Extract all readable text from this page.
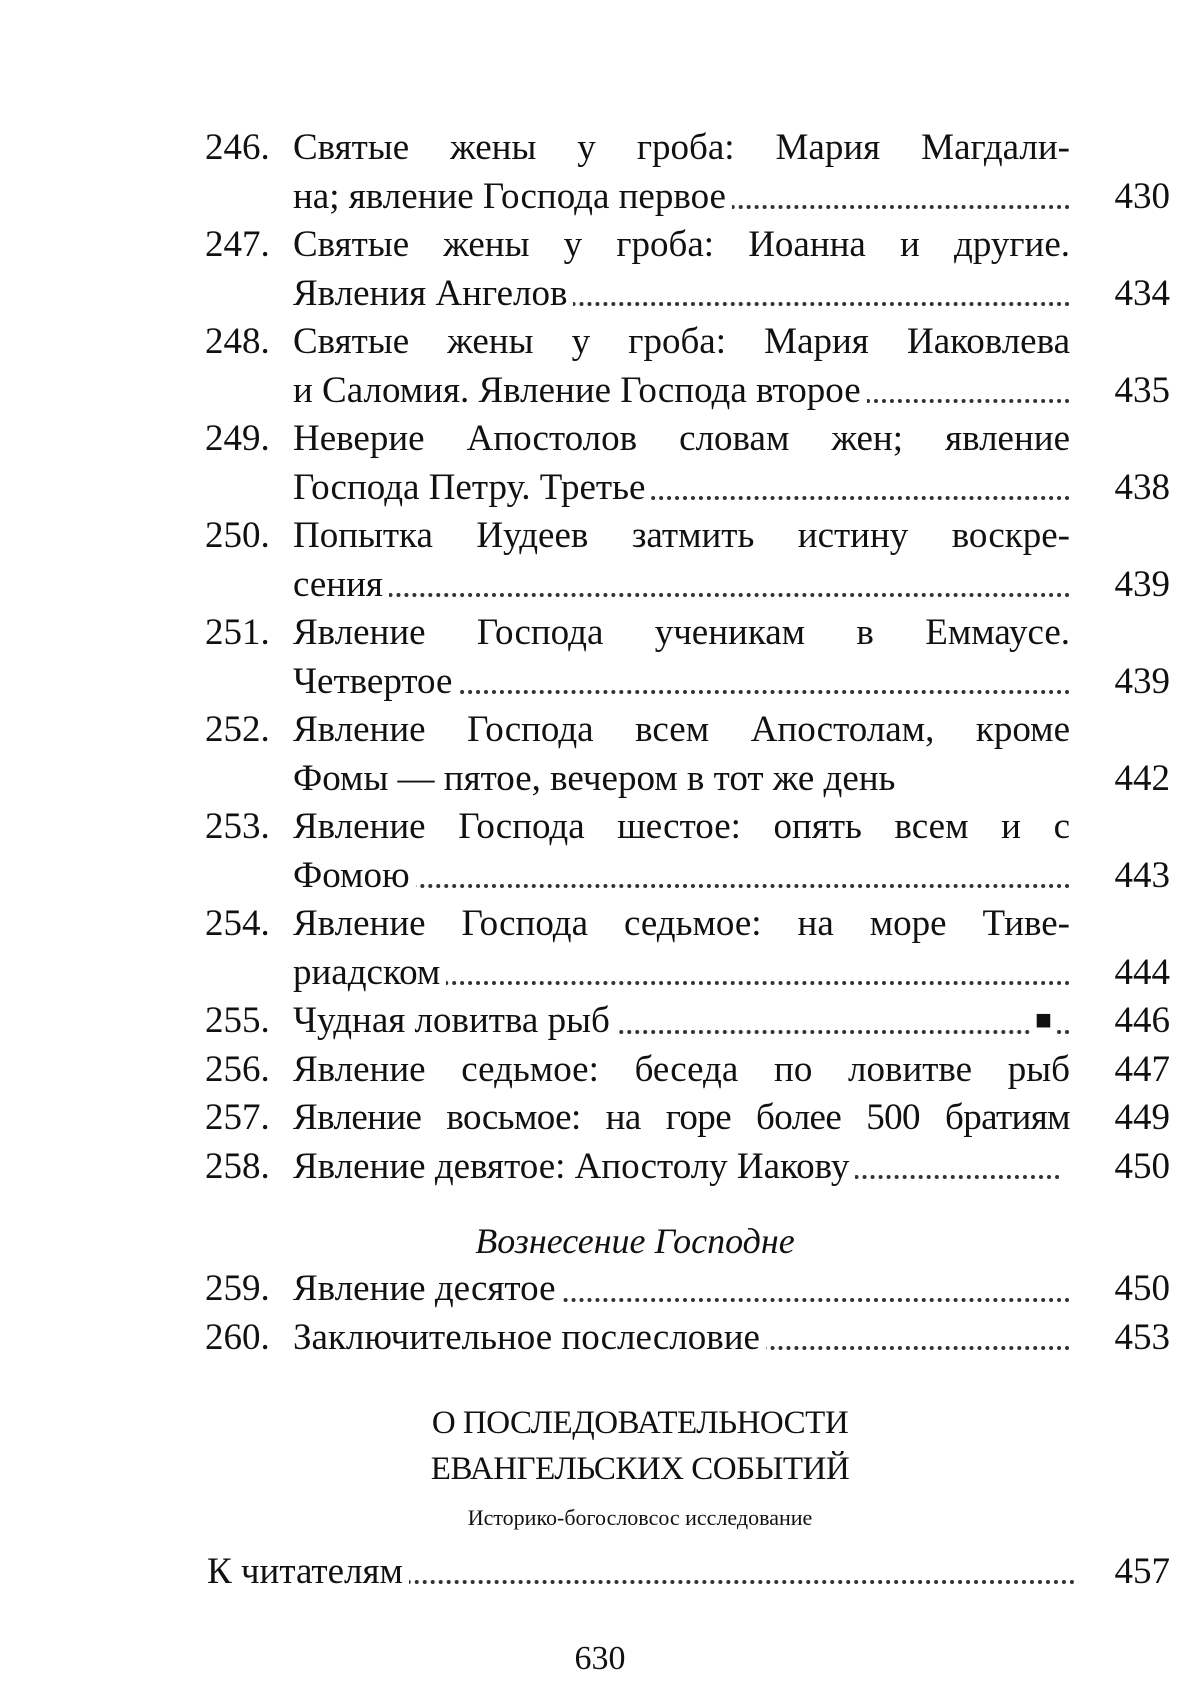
246. Святые жены у гроба: Мария Магдали-
на; явление Господа первое	430
247. Святые жены у гроба: Иоанна и другие.
Явления Ангелов	434
248. Святые жены у гроба: Мария Иаковлева
и Саломия. Явление Господа второе	435
249. Неверие Апостолов словам жен; явление
Господа Петру. Третье	438
250. Попытка Иудеев затмить истину воскре-
сения	439
251. Явление Господа ученикам в Еммаусе.
Четвертое	439
252. Явление Господа всем Апостолам, кроме
Фомы — пятое, вечером в тот же день	442
253. Явление Господа шестое: опять всем и с
Фомою	443
254. Явление Господа седьмое: на море Тиве-
риадском	444
255. Чудная ловитва рыб	■	446
256. Явление седьмое: беседа по ловитве рыб	447
257. Явление восьмое: на горе более 500 братиям	449
258. Явление девятое: Апостолу Иакову	450
Вознесение Господне
259. Явление десятое	450
260. Заключительное послесловие	453
О ПОСЛЕДОВАТЕЛЬНОСТИ
ЕВАНГЕЛЬСКИХ СОБЫТИЙ
Историко-богословсос исследование
К читателям	457
630
